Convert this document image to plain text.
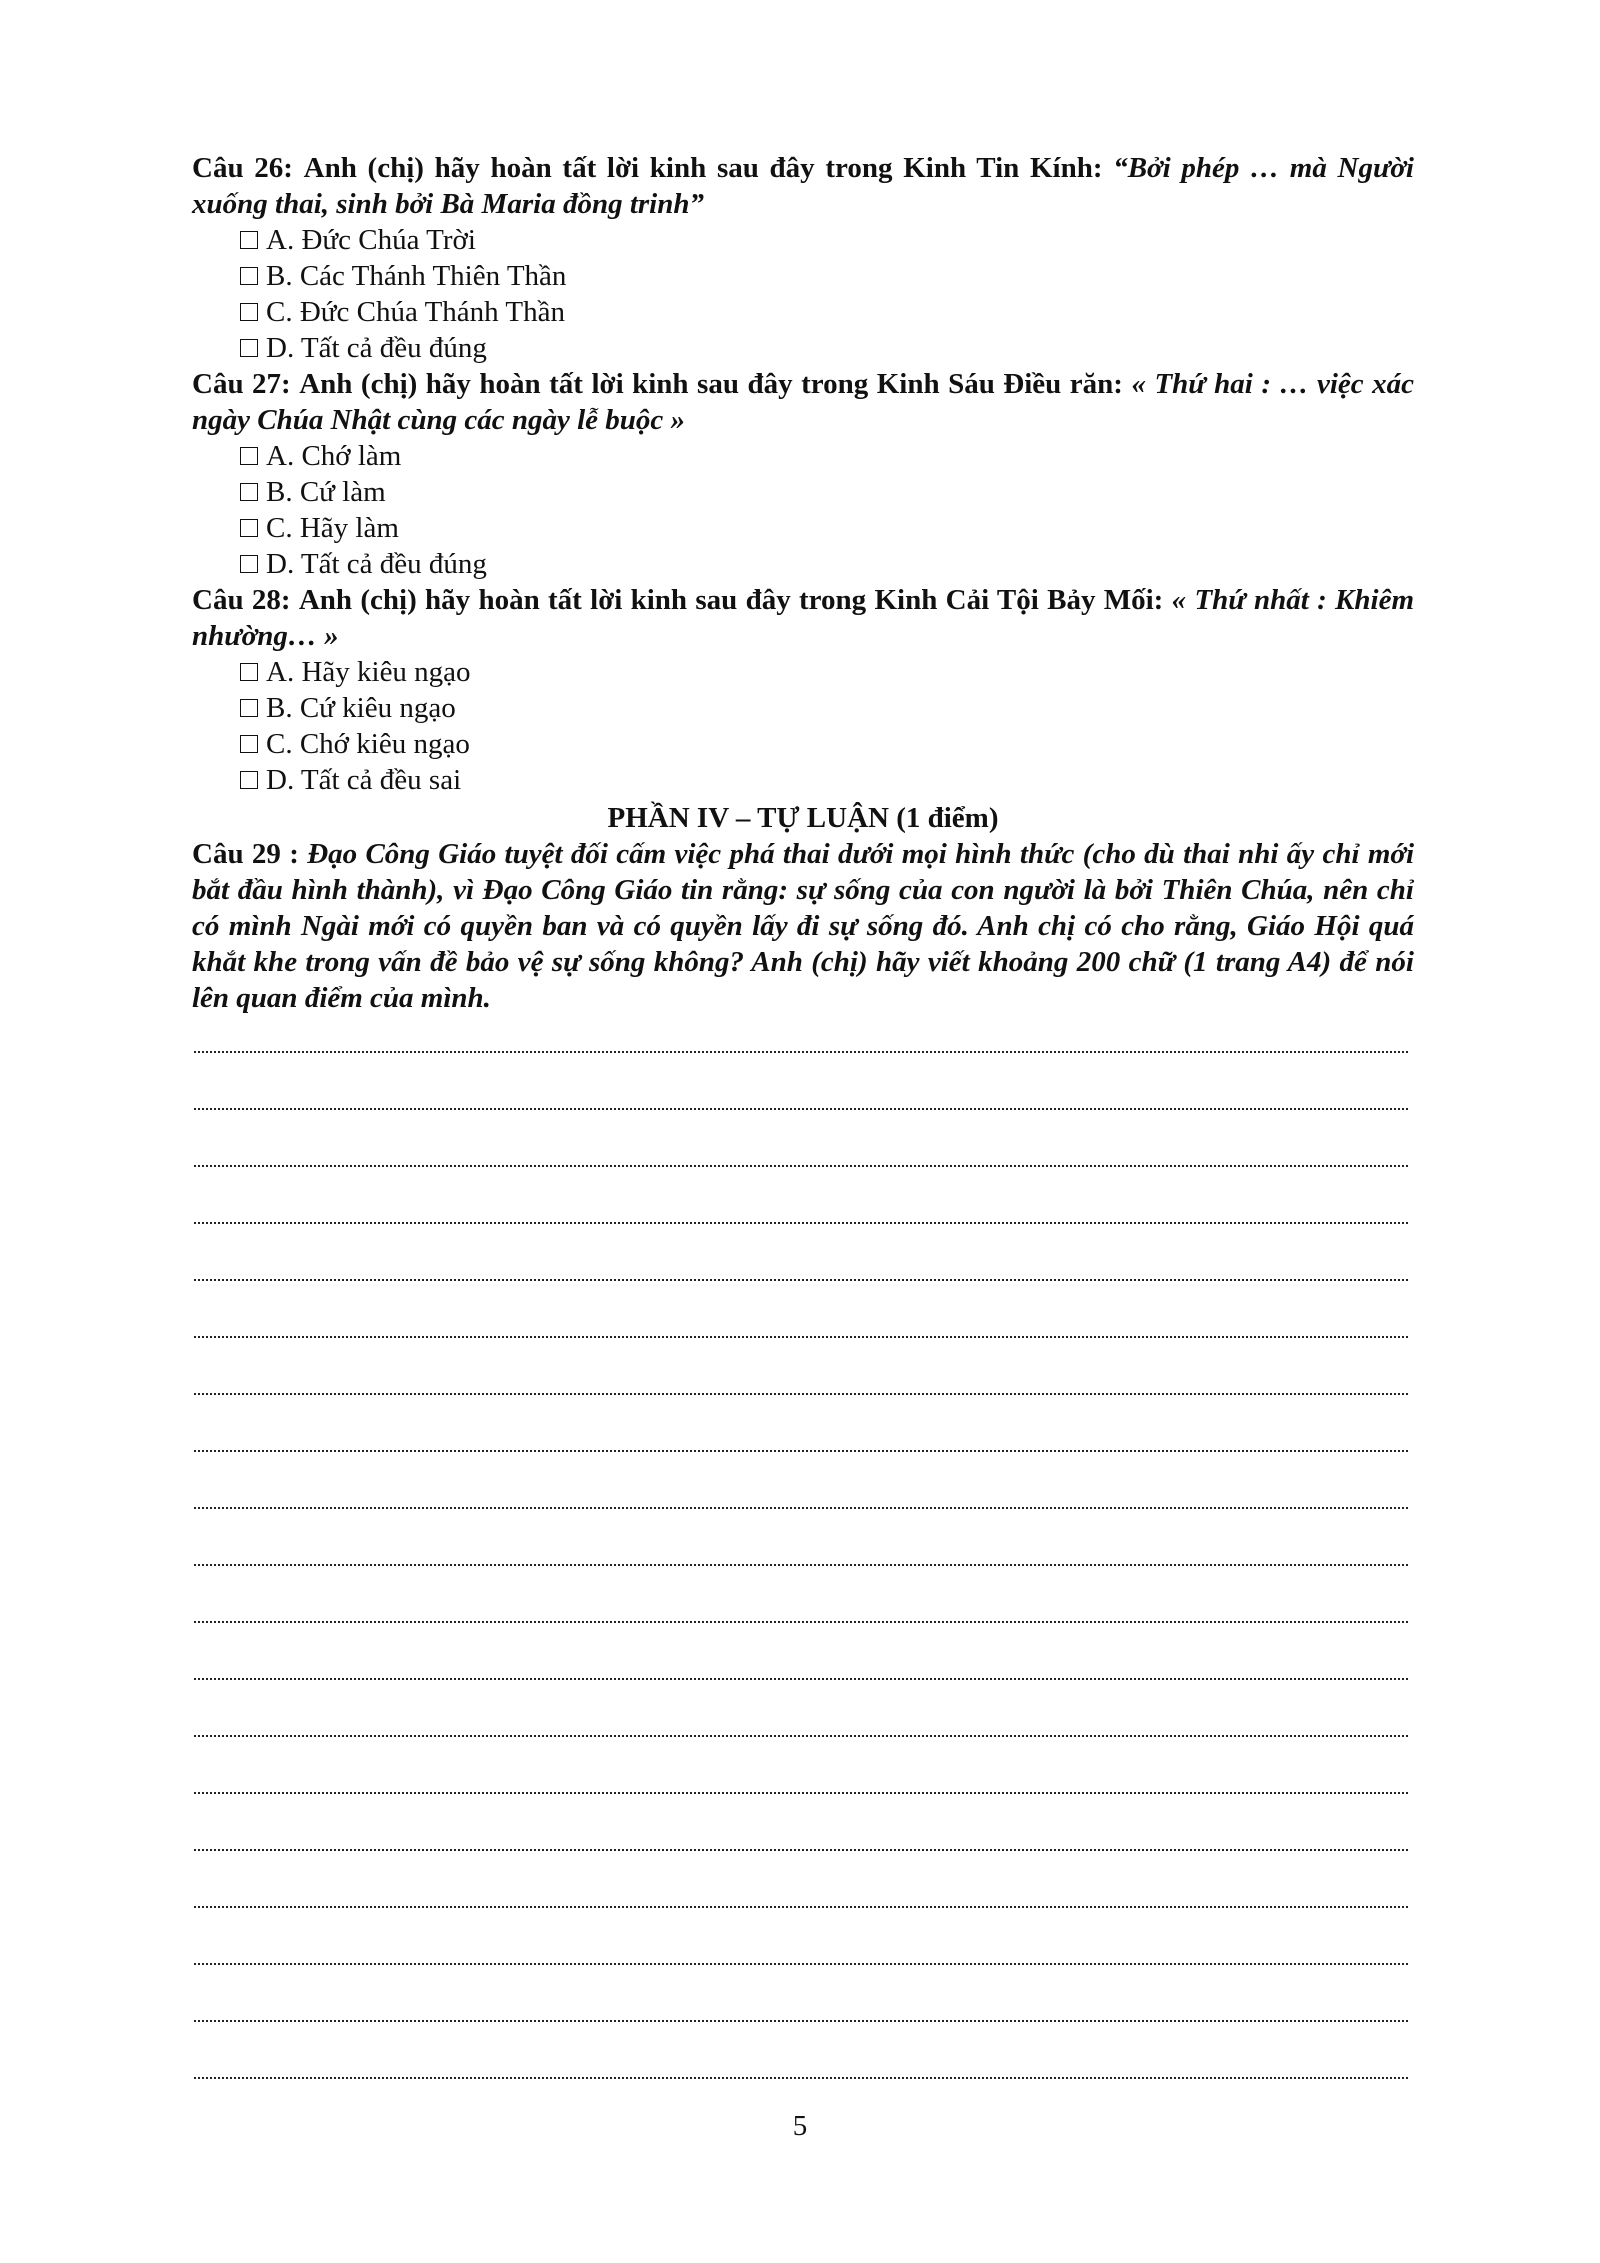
Câu 26: Anh (chị) hãy hoàn tất lời kinh sau đây trong Kinh Tin Kính: “Bởi phép … mà Người xuống thai, sinh bởi Bà Maria đồng trinh”
A. Đức Chúa Trời
B. Các Thánh Thiên Thần
C. Đức Chúa Thánh Thần
D. Tất cả đều đúng
Câu 27: Anh (chị) hãy hoàn tất lời kinh sau đây trong Kinh Sáu Điều răn: « Thứ hai : … việc xác ngày Chúa Nhật cùng các ngày lễ buộc »
A. Chớ làm
B. Cứ làm
C. Hãy làm
D. Tất cả đều đúng
Câu 28: Anh (chị) hãy hoàn tất lời kinh sau đây trong Kinh Cải Tội Bảy Mối: « Thứ nhất : Khiêm nhường… »
A. Hãy kiêu ngạo
B. Cứ kiêu ngạo
C. Chớ kiêu ngạo
D. Tất cả đều sai
PHẦN IV – TỰ LUẬN (1 điểm)
Câu 29 : Đạo Công Giáo tuyệt đối cấm việc phá thai dưới mọi hình thức (cho dù thai nhi ấy chỉ mới bắt đầu hình thành), vì Đạo Công Giáo tin rằng: sự sống của con người là bởi Thiên Chúa, nên chỉ có mình Ngài mới có quyền ban và có quyền lấy đi sự sống đó. Anh chị có cho rằng, Giáo Hội quá khắt khe trong vấn đề bảo vệ sự sống không? Anh (chị) hãy viết khoảng 200 chữ (1 trang A4) để nói lên quan điểm của mình.
5
